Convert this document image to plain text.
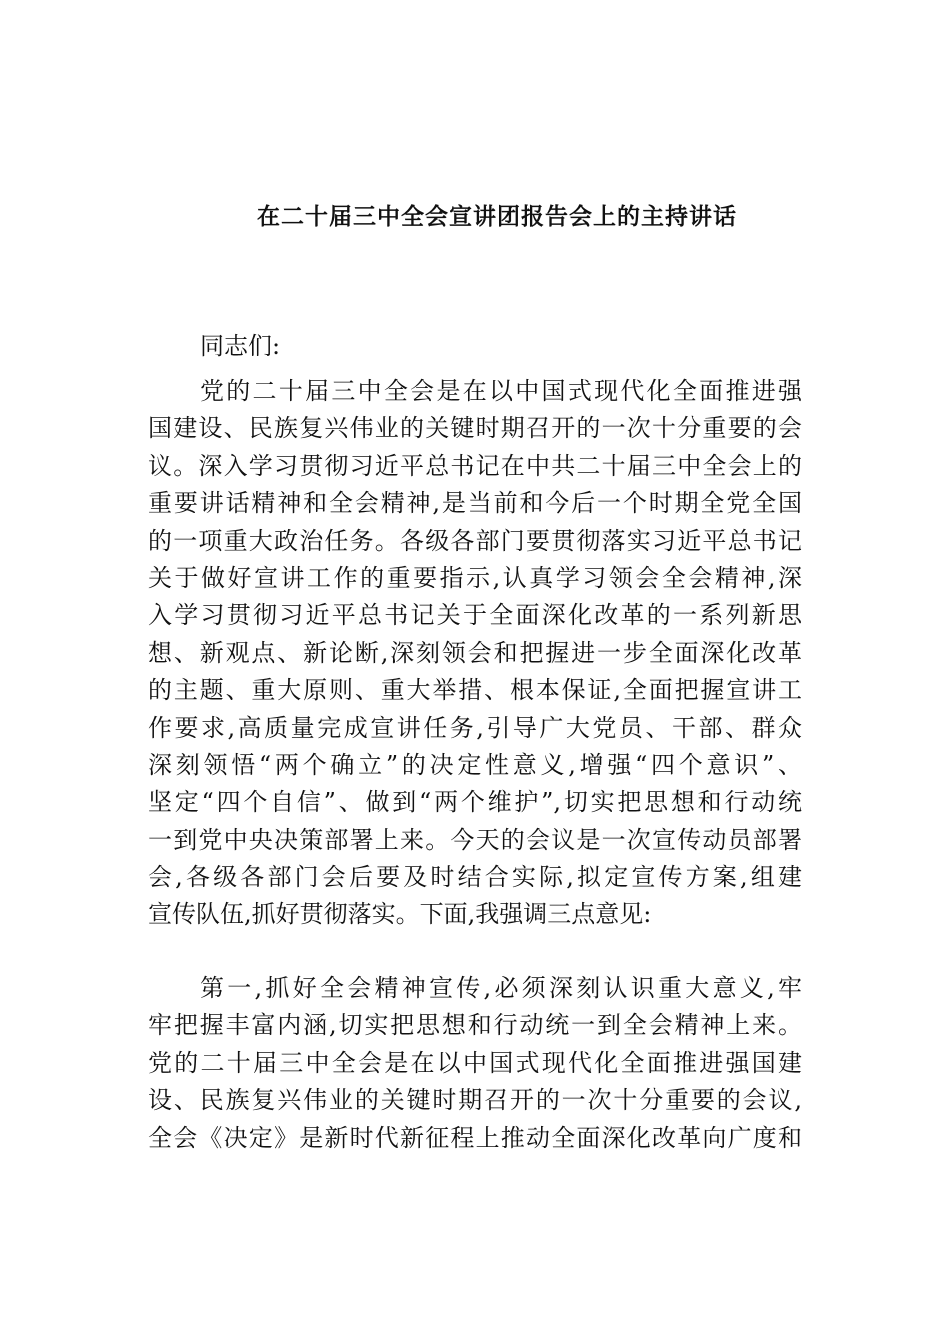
在二十届三中全会宣讲团报告会上的主持讲话
同志们:
党的二十届三中全会是在以中国式现代化全面推进强
国建设、民族复兴伟业的关键时期召开的一次十分重要的会
议。深入学习贯彻习近平总书记在中共二十届三中全会上的
重要讲话精神和全会精神,是当前和今后一个时期全党全国
的一项重大政治任务。各级各部门要贯彻落实习近平总书记
关于做好宣讲工作的重要指示,认真学习领会全会精神,深
入学习贯彻习近平总书记关于全面深化改革的一系列新思
想、新观点、新论断,深刻领会和把握进一步全面深化改革
的主题、重大原则、重大举措、根本保证,全面把握宣讲工
作要求,高质量完成宣讲任务,引导广大党员、干部、群众
深刻领悟“两个确立”的决定性意义,增强“四个意识”、
坚定“四个自信”、做到“两个维护”,切实把思想和行动统
一到党中央决策部署上来。今天的会议是一次宣传动员部署
会,各级各部门会后要及时结合实际,拟定宣传方案,组建
宣传队伍,抓好贯彻落实。下面,我强调三点意见:
第一,抓好全会精神宣传,必须深刻认识重大意义,牢
牢把握丰富内涵,切实把思想和行动统一到全会精神上来。
党的二十届三中全会是在以中国式现代化全面推进强国建
设、民族复兴伟业的关键时期召开的一次十分重要的会议,
全会《决定》是新时代新征程上推动全面深化改革向广度和
